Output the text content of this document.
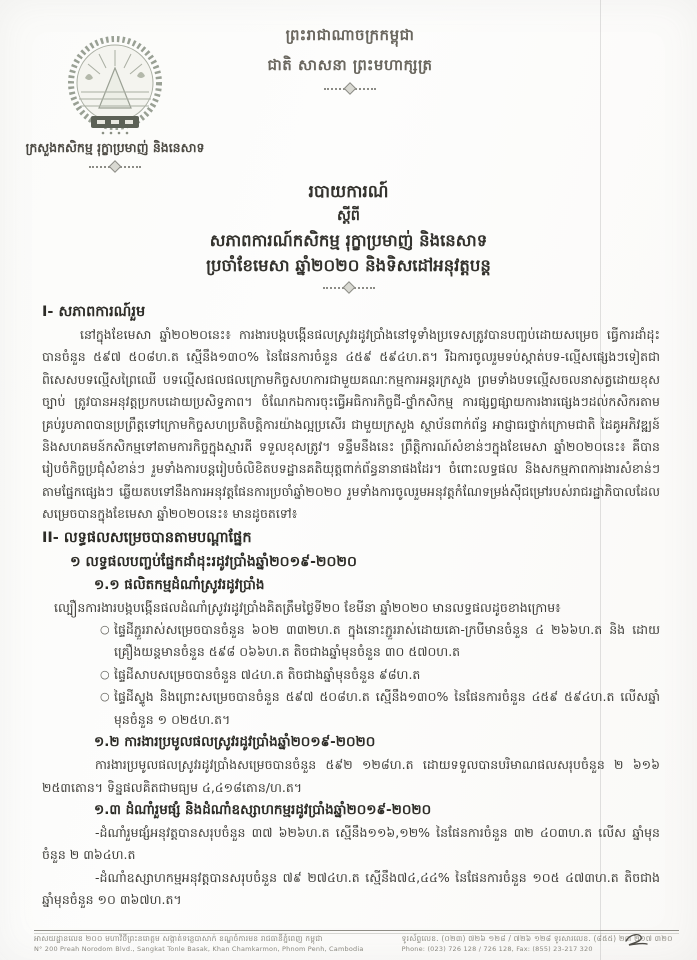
ព្រះរាជាណាចក្រកម្ពុជា
ជាតិ សាសនា ព្រះមហាក្សត្រ
ក្រសួងកសិកម្ម រុក្ខាប្រមាញ់ និងនេសាទ
របាយការណ៍
ស្តីពី
សភាពការណ៍កសិកម្ម រុក្ខាប្រមាញ់ និងនេសាទ
ប្រចាំខែមេសា ឆ្នាំ២០២០ និងទិសដៅអនុវត្តបន្ត
I- សភាពការណ៍រួម

នៅក្នុងខែមេសា ឆ្នាំ២០២០នេះ៖ ការងារបង្កបង្កើនផលស្រូវរដូវប្រាំងនៅទូទាំងប្រទេសត្រូវបានបញ្ចប់ដោយសម្រេច ធ្វើការដាំដុះបានចំនួន ៥៩៧ ៥០៨ហ.ត ស្មើនឹង១៣០% នៃផែនការចំនួន ៤៥៩ ៥៩៤ហ.ត។ រីឯការចូលរួមទប់ស្កាត់បទ-ល្មើសផ្សេងៗទៀតជាពិសេសបទល្មើសព្រៃឈើ បទល្មើសផលផលក្រោមកិច្ចសហការជាមួយគណៈកម្មការអន្តរក្រសួង ព្រមទាំងបទល្មើសចលនាសត្វដោយខុសច្បាប់ ត្រូវបានអនុវត្តប្រកបដោយប្រសិទ្ធភាព។ ចំណែកឯការចុះធ្វើអធិការកិច្ចជី-ថ្នាំកសិកម្ម ការផ្សព្វផ្សាយការងារផ្សេងៗដល់កសិករតាមគ្រប់រូបភាពបានប្រព្រឹត្តទៅក្រោមកិច្ចសហប្រតិបត្តិការយ៉ាងល្អប្រសើរ ជាមួយក្រសួង ស្ថាប័នពាក់ព័ន្ធ អាជ្ញាធរថ្នាក់ក្រោមជាតិ ដៃគូអភិវឌ្ឍន៍ និងសហគមន៍កសិកម្មទៅតាមការកិច្ចក្នុងស្មារតី ទទួលខុសត្រូវ។ ទន្ទឹមនឹងនេះ ព្រឹត្តិការណ៍សំខាន់ៗក្នុងខែមេសា ឆ្នាំ២០២០នេះ៖ គឺបានរៀបចំកិច្ចប្រជុំសំខាន់ៗ រួមទាំងការបន្តរៀបចំលិខិតបទដ្ឋានគតិយុត្តពាក់ព័ន្ធនានាផងដែរ។ ចំពោះលទ្ធផល និងសកម្មភាពការងារសំខាន់ៗតាមផ្នែកផ្សេងៗ ឆ្លើយតបទៅនឹងការអនុវត្តផែនការប្រចាំឆ្នាំ២០២០ រួមទាំងការចូលរួមអនុវត្តកំណែទម្រង់ស៊ីជម្រៅរបស់រាជរដ្ឋាភិបាលដែល សម្រេចបានក្នុងខែមេសា ឆ្នាំ២០២០នេះ៖ មានដូចតទៅ៖

II- លទ្ធផលសម្រេចបានតាមបណ្តាផ្នែក
១ លទ្ធផលបញ្ចប់ផ្នែកដាំដុះរដូវប្រាំងឆ្នាំ២០១៩-២០២០
១.១ ផលិតកម្មដំណាំស្រូវរដូវប្រាំង
ល្បឿនការងារបង្កបង្កើនផលដំណាំស្រូវរដូវប្រាំងគិតត្រឹមថ្ងៃទី២០ ខែមីនា ឆ្នាំ២០២០ មានលទ្ធផលដូចខាងក្រោម៖
○ ផ្ទៃដីភ្ជួររាស់សម្រេចបានចំនួន ៦០២ ៣៣២ហ.ត ក្នុងនោះភ្ជួររាស់ដោយគោ-ក្របីមានចំនួន ៤ ២៦៦ហ.ត និង ដោយគ្រឿងយន្តមានចំនួន ៥៩៨ ០៦៦ហ.ត តិចជាងឆ្នាំមុនចំនួន ៣០ ៥៧០ហ.ត
○ ផ្ទៃដីសាបសម្រេចបានចំនួន ៧៤ហ.ត តិចជាងឆ្នាំមុនចំនួន ៩៨ហ.ត
○ ផ្ទៃដីស្ទូង និងព្រោះសម្រេចបានចំនួន ៥៩៧ ៥០៨ហ.ត ស្មើនឹង១៣០% នៃផែនការចំនួន ៤៥៩ ៥៩៤ហ.ត លើសឆ្នាំមុនចំនួន ១ ០២៥ហ.ត។
១.២ ការងារប្រមូលផលស្រូវរដូវប្រាំងឆ្នាំ២០១៩-២០២០

ការងារប្រមូលផលស្រូវរដូវប្រាំងសម្រេចបានចំនួន ៥៩២ ១២៨ហ.ត ដោយទទួលបានបរិមាណផលសរុបចំនួន ២ ៦១៦ ២៥៣តោន។ ទិន្នផលគិតជាមធ្យម ៤,៤១៨តោន/ហ.ត។

១.៣ ដំណាំរួមផ្សំ និងដំណាំឧស្សាហកម្មរដូវប្រាំងឆ្នាំ២០១៩-២០២០

-ដំណាំរួមផ្សំអនុវត្តបានសរុបចំនួន ៣៧ ៦២៦ហ.ត ស្មើនឹង១១៦,១២% នៃផែនការចំនួន ៣២ ៤០៣ហ.ត លើស ឆ្នាំមុនចំនួន ២ ៣៦៤ហ.ត

-ដំណាំឧស្សាហកម្មអនុវត្តបានសរុបចំនួន ៧៩ ២៧៤ហ.ត ស្មើនឹង៧៤,៤៤% នៃផែនការចំនួន ១០៥ ៤៧៣ហ.ត តិចជាងឆ្នាំមុនចំនួន ១០ ៣៦៧ហ.ត។

អាសយដ្ឋានលេខ ២០០ មហាវិថីព្រះនរោត្តម សង្កាត់ទន្លេបាសាក់ ខណ្ឌចំការមន រាជធានីភ្នំពេញ កម្ពុជា
N° 200 Preah Norodom Blvd., Sangkat Tonle Basak, Khan Chamkarmon, Phnom Penh, Cambodia
ទូរស័ព្ទលេខ. (០២៣) ៧២៦ ១២៨ / ៧២៦ ១២៨ ទូរសារលេខ. (៨៥៥) ២៣ ២១៧ ៣២០
Phone: (023) 726 128 / 726 128, Fax: (855) 23-217 320
